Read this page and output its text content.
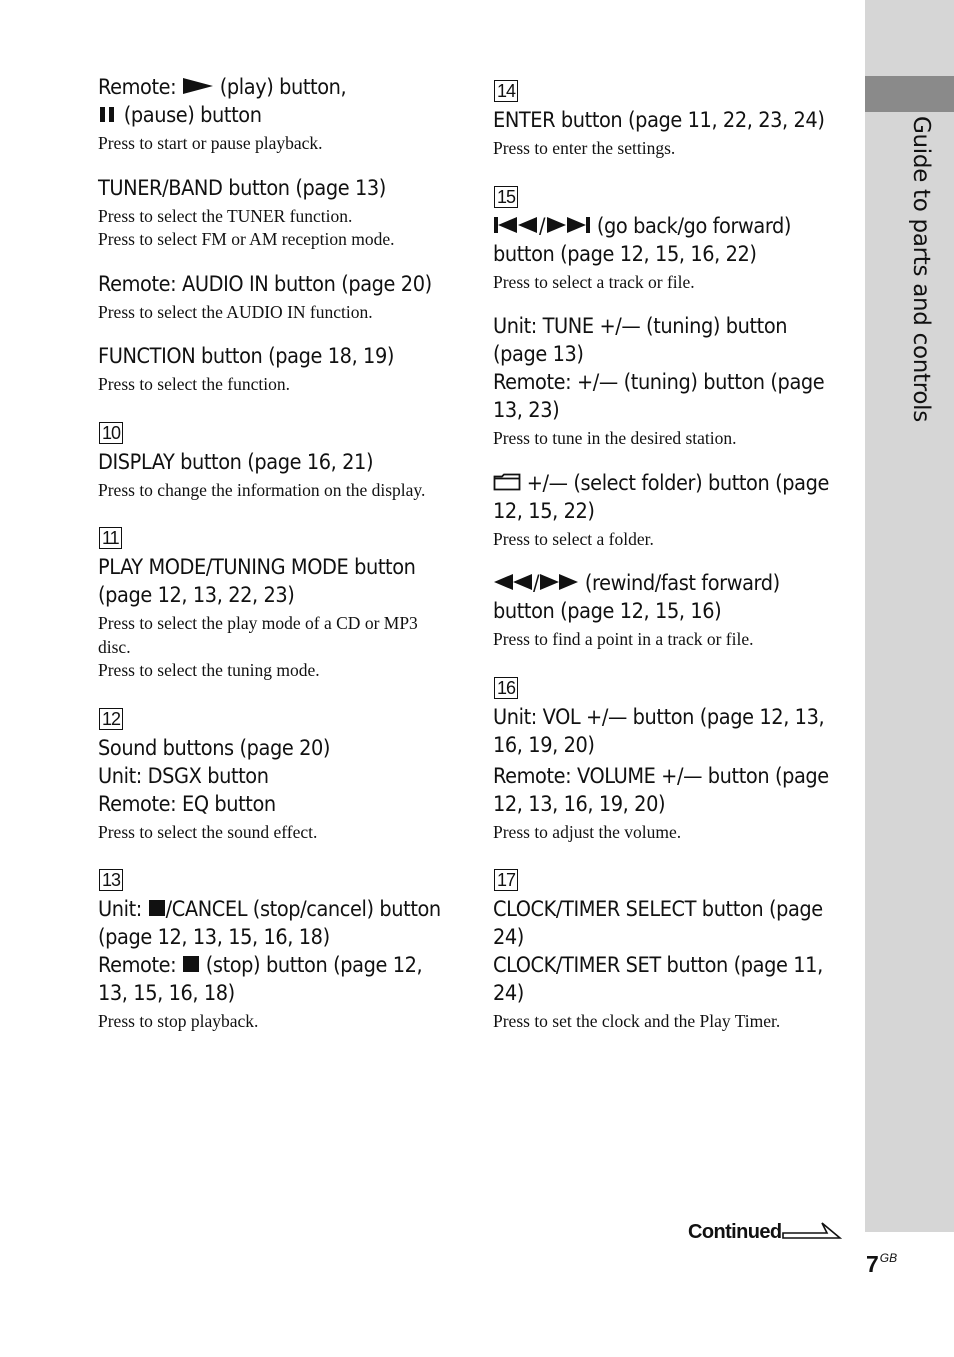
Guide to parts and controls

Remote:  (play) button,
(pause) button

Press to start or pause playback.

TUNER/BAND button (page 13)

Press to select the TUNER function.
Press to select FM or AM reception mode.

Remote: AUDIO IN button (page 20)

Press to select the AUDIO IN function.

FUNCTION button (page 18, 19)

Press to select the function.

10

DISPLAY button (page 16, 21)

Press to change the information on the display.

11

PLAY MODE/TUNING MODE button (page 12, 13, 22, 23)

Press to select the play mode of a CD or MP3 disc.
Press to select the tuning mode.

12

Sound buttons (page 20)
Unit: DSGX button
Remote: EQ button

Press to select the sound effect.

13

Unit: /CANCEL (stop/cancel) button (page 12, 13, 15, 16, 18)
Remote:  (stop) button (page 12, 13, 15, 16, 18)

Press to stop playback.

14

ENTER button (page 11, 22, 23, 24)

Press to enter the settings.

15

/ (go back/go forward) button (page 12, 15, 16, 22)

Press to select a track or file.

Unit: TUNE +/— (tuning) button (page 13)
Remote: +/— (tuning) button (page 13, 23)

Press to tune in the desired station.

+/— (select folder) button (page 12, 15, 22)

Press to select a folder.

/ (rewind/fast forward) button (page 12, 15, 16)

Press to find a point in a track or file.

16

Unit: VOL +/— button (page 12, 13, 16, 19, 20)

Remote: VOLUME +/— button (page 12, 13, 16, 19, 20)

Press to adjust the volume.

17

CLOCK/TIMER SELECT button (page 24)
CLOCK/TIMER SET button (page 11, 24)

Press to set the clock and the Play Timer.

Continued
$7^{GB}$
